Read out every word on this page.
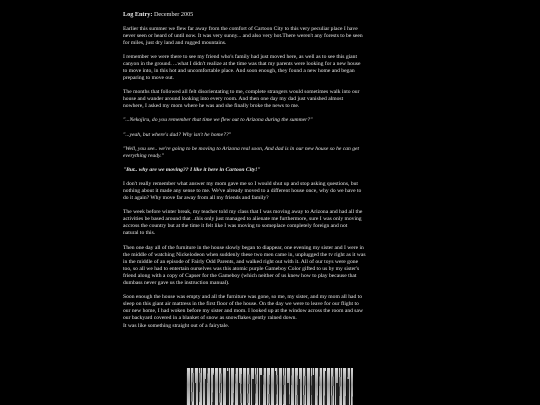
Log Entry: December 2005
Earlier this summer we flew far away from the comfort of Cartoon City to this very peculiar place I have
never seen or heard of until now. It was very sunny... and also very hot.There weren't any forests to be seen
for miles, just dry land and rugged mountains.
I remember we were there to see my friend who's family had just moved here, as well as to see this giant
canyon in the ground. ...what I didn't realize at the time was that my parents were looking for a new house
to move into, in this hot and uncomfortable place. And soon enough, they found a new home and began
preparing to move out.
The months that followed all felt disorientating to me, complete strangers would sometimes walk into our
house and wander around looking into every room. And then one day my dad just vanished almost
nowhere, I asked my mom where he was and she finally broke the news to me.
"...Nekojiru, do you remember that time we flew out to Arizona during the summer?"
"...yeah, but where's dad? Why isn't he home??"
"Well, you see.. we're going to be moving to Arizona real soon, And dad is in our new house so he can get
everything ready."
"But.. why are we moving?? I like it here in Cartoon City!"
I don't really remember what answer my mom gave me so I would shut up and stop asking questions, but
nothing about it made any sense to me. We've already moved to a different house once, why do we have to
do it again? Why move far away from all my friends and family?
The week before winter break, my teacher told my class that I was moving away to Arizona and had all the
activities be based around that ..this only just managed to alienate me furthermore, sure I was only moving
accross the country but at the time it felt like I was moving to someplace completely foreign and not
natural to this.
Then one day all of the furniture in the house slowly began to diappear, one evening my sister and I were in
the middle of watching Nickelodeon when suddenly these two men came in, unplugged the tv right as it was
in the middle of an episode of Fairly Odd Parents, and walked right out with it. All of our toys were gone
too, so all we had to entertain ourselves was this atomic purple Gameboy Color gifted to us by my sister's
friend along with a copy of Capser for the Gameboy (which neither of us knew how to play because that
dumbass never gave us the instruction manual).
Soon enough the house was empty and all the furniture was gone, so me, my sister, and my mom all had to
sleep on this giant air mattress in the first floor of the house. On the day we were to leave for our flight to
our new home, I had woken before my sister and mom. I looked up at the window across the room and saw
our backyard covered in a blanket of snow as snowflakes gently rained down.
It was like something straight out of a fairytale.
